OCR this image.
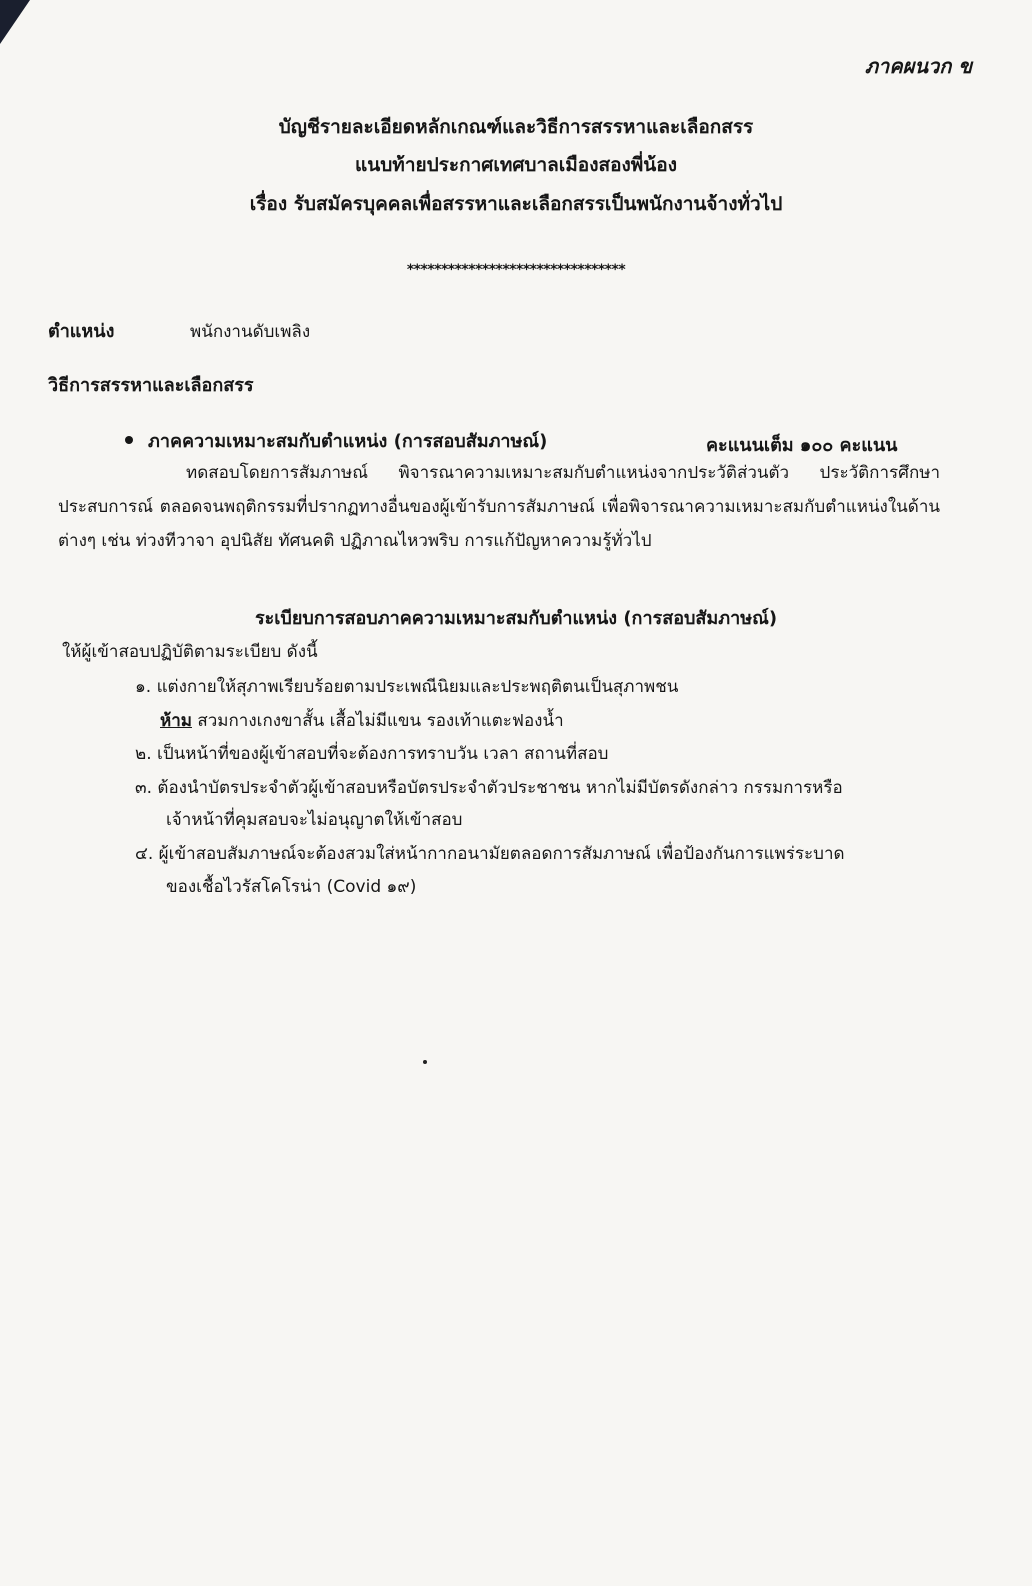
ภาคผนวก ข
บัญชีรายละเอียดหลักเกณฑ์และวิธีการสรรหาและเลือกสรร
แนบท้ายประกาศเทศบาลเมืองสองพี่น้อง
เรื่อง รับสมัครบุคคลเพื่อสรรหาและเลือกสรรเป็นพนักงานจ้างทั่วไป
********************************
ตำแหน่ง	พนักงานดับเพลิง
วิธีการสรรหาและเลือกสรร
ภาคความเหมาะสมกับตำแหน่ง (การสอบสัมภาษณ์)	คะแนนเต็ม ๑๐๐ คะแนน
ทดสอบโดยการสัมภาษณ์ พิจารณาความเหมาะสมกับตำแหน่งจากประวัติส่วนตัว ประวัติการศึกษา ประสบการณ์ ตลอดจนพฤติกรรมที่ปรากฏทางอื่นของผู้เข้ารับการสัมภาษณ์ เพื่อพิจารณาความเหมาะสมกับตำแหน่งในด้านต่างๆ เช่น ท่วงทีวาจา อุปนิสัย ทัศนคติ ปฏิภาณไหวพริบ การแก้ปัญหาความรู้ทั่วไป
ระเบียบการสอบภาคความเหมาะสมกับตำแหน่ง (การสอบสัมภาษณ์)
ให้ผู้เข้าสอบปฏิบัติตามระเบียบ ดังนี้
๑. แต่งกายให้สุภาพเรียบร้อยตามประเพณีนิยมและประพฤติตนเป็นสุภาพชน
ห้าม สวมกางเกงขาสั้น เสื้อไม่มีแขน รองเท้าแตะฟองน้ำ
๒. เป็นหน้าที่ของผู้เข้าสอบที่จะต้องการทราบวัน เวลา สถานที่สอบ
๓. ต้องนำบัตรประจำตัวผู้เข้าสอบหรือบัตรประจำตัวประชาชน หากไม่มีบัตรดังกล่าว กรรมการหรือ
เจ้าหน้าที่คุมสอบจะไม่อนุญาตให้เข้าสอบ
๔. ผู้เข้าสอบสัมภาษณ์จะต้องสวมใส่หน้ากากอนามัยตลอดการสัมภาษณ์ เพื่อป้องกันการแพร่ระบาด
ของเชื้อไวรัสโคโรน่า (Covid ๑๙)
